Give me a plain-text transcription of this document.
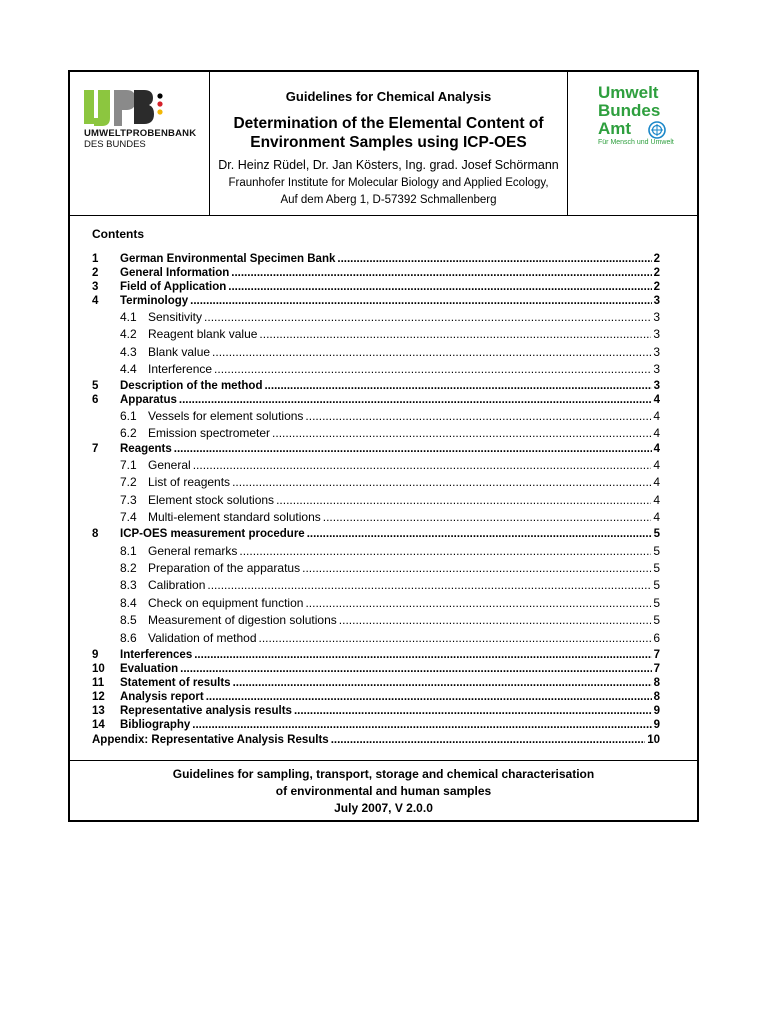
UMWELTPROBENBANK
DES BUNDES
Guidelines for Chemical Analysis
Determination of the Elemental Content of
Environment Samples using ICP-OES
Dr. Heinz Rüdel, Dr. Jan Kösters, Ing. grad. Josef Schörmann
Fraunhofer Institute for Molecular Biology and Applied Ecology,
Auf dem Aberg 1, D-57392 Schmallenberg
Umwelt
Bundes
Amt
Für Mensch und Umwelt
Contents
1	German Environmental Specimen Bank .....	2
2	General Information .....	2
3	Field of Application .....	2
4	Terminology .....	3
4.1 Sensitivity .....	3
4.2 Reagent blank value .....	3
4.3 Blank value .....	3
4.4 Interference .....	3
5	Description of the method .....	3
6	Apparatus .....	4
6.1 Vessels for element solutions .....	4
6.2 Emission spectrometer .....	4
7	Reagents .....	4
7.1 General .....	4
7.2 List of reagents .....	4
7.3 Element stock solutions .....	4
7.4 Multi-element standard solutions .....	4
8	ICP-OES measurement procedure .....	5
8.1 General remarks .....	5
8.2 Preparation of the apparatus .....	5
8.3 Calibration .....	5
8.4 Check on equipment function .....	5
8.5 Measurement of digestion solutions .....	5
8.6 Validation of method .....	6
9	Interferences .....	7
10	Evaluation .....	7
11	Statement of results .....	8
12	Analysis report .....	8
13	Representative analysis results .....	9
14	Bibliography .....	9
Appendix: Representative Analysis Results .....	10
Guidelines for sampling, transport, storage and chemical characterisation
of environmental and human samples
July 2007, V 2.0.0
